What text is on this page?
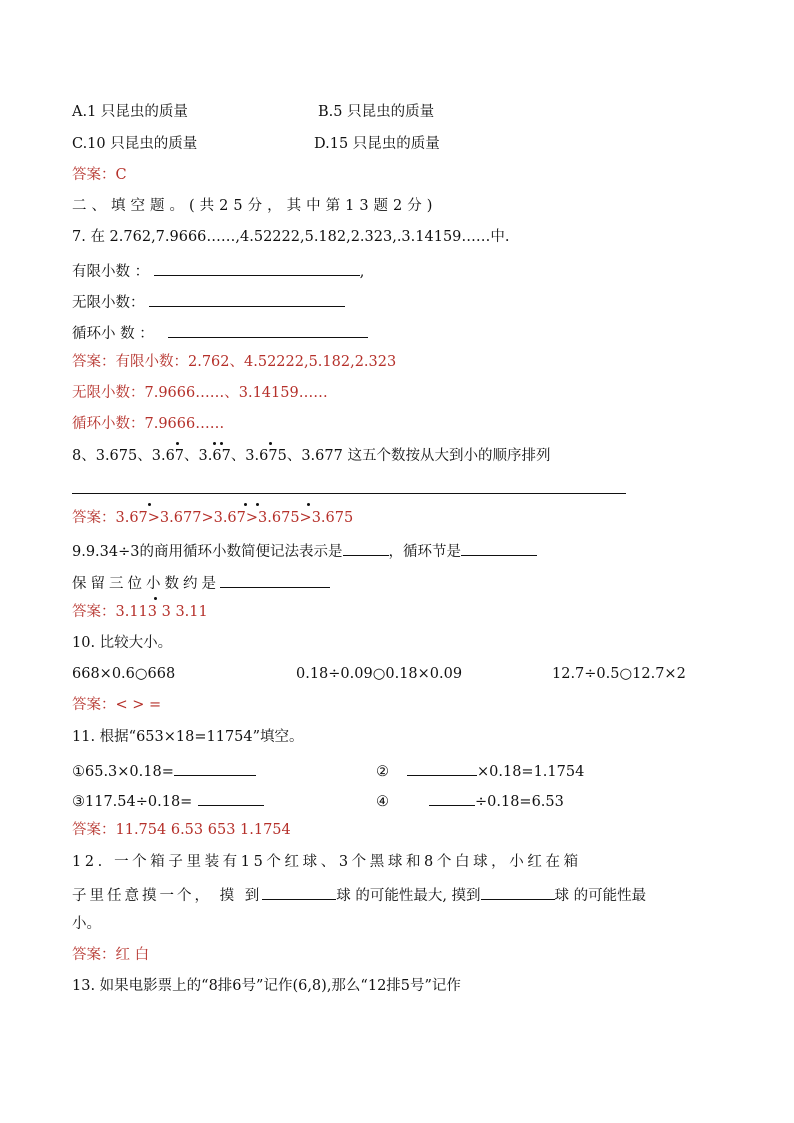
A.1 只昆虫的质量	B.5 只昆虫的质量
C.10 只昆虫的质量	D.15 只昆虫的质量
答案：C
二、填空题。(共25分，其中第13题2分)
7. 在 2.762,7.9666……,4.52222,5.182,2.323,.3.14159……中.
有限小数 ：	,
无限小数：
循环小 数 ：
答案：有限小数：2.762、4.52222,5.182,2.323
无限小数：7.9666……、3.14159……
循环小数：7.9666……
8、3.675、3.6
7、3.
67、3.6
75、3.677 这五个数按从大到小的顺序排列
答案：3.67>3.677>3.67>3.675>3.675
9.9.34÷3的商用循环小数简便记法表示是	，循环节是
保留三位小数约是
答案：3.113 3 3.11
10. 比较大小。
668×0.6○668	0.18÷0.09○0.18×0.09	12.7÷0.5○12.7×2
答案：< > =
11. 根据“653×18=11754”填空。
①65.3×0.18=	②	×0.18=1.1754
③117.54÷0.18=	④	÷0.18=6.53
答案：11.754 6.53 653 1.1754
12. 一个箱子里装有15个红球、3个黑球和8个白球，小红在箱
子里任意摸一个， 摸 到	球 的可能性最大, 摸到	球 的可能性最
小。
答案：红 白
13. 如果电影票上的“8排6号”记作(6,8),那么“12排5号”记作
